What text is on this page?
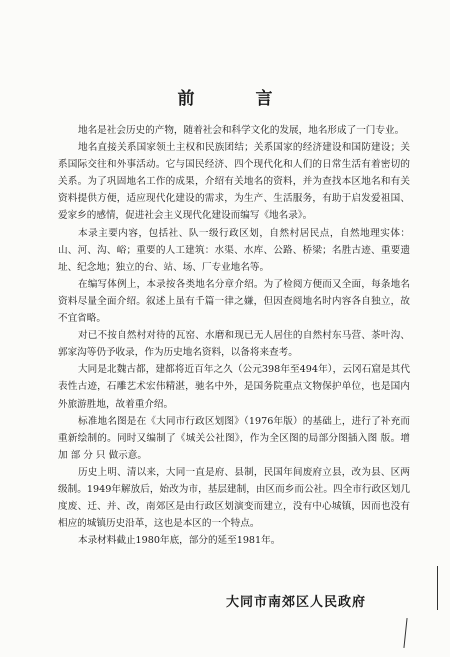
前　言

地名是社会历史的产物，随着社会和科学文化的发展，地名形成了一门专业。

地名直接关系国家领土主权和民族团结；关系国家的经济建设和国防建设；关系国际交往和外事活动。它与国民经济、四个现代化和人们的日常生活有着密切的关系。为了巩固地名工作的成果，介绍有关地名的资料，并为查找本区地名和有关资料提供方便，适应现代化建设的需求，为生产、生活服务，有助于启发爱祖国、爱家乡的感情，促进社会主义现代化建设而编写《地名录》。

本录主要内容，包括社、队一级行政区划，自然村居民点，自然地理实体：山、河、沟、峪；重要的人工建筑：水渠、水库、公路、桥梁；名胜古迹、重要遗址、纪念地；独立的台、站、场、厂专业地名等。

在编写体例上，本录按各类地名分章介绍。为了检阅方便而又全面，每条地名资料尽量全面介绍。叙述上虽有千篇一律之嫌，但因查阅地名时内容各自独立，故不宜省略。

对已不按自然村对待的瓦窑、水磨和现已无人居住的自然村东马营、茶叶沟、郭家沟等仍予收录，作为历史地名资料，以备将来查考。

大同是北魏古都，建都将近百年之久（公元398年至494年），云冈石窟是其代表性古迹，石雕艺术宏伟精湛，驰名中外，是国务院重点文物保护单位，也是国内外旅游胜地，故着重介绍。

标准地名图是在《大同市行政区划图》（1976年版）的基础上，进行了补充而重新绘制的。同时又编制了《城关公社图》，作为全区图的局部分图插入图 版。增 加 部 分 只 做示意。

历史上明、清以来，大同一直是府、县制，民国年间废府立县，改为县、区两级制。1949年解放后，始改为市，基层建制，由区而乡而公社。四全市行政区划几度废、迁、并、改，南郊区是由行政区划演变而建立，没有中心城镇，因而也没有相应的城镇历史沿革，这也是本区的一个特点。

本录材料截止1980年底，部分的延至1981年。

大同市南郊区人民政府
